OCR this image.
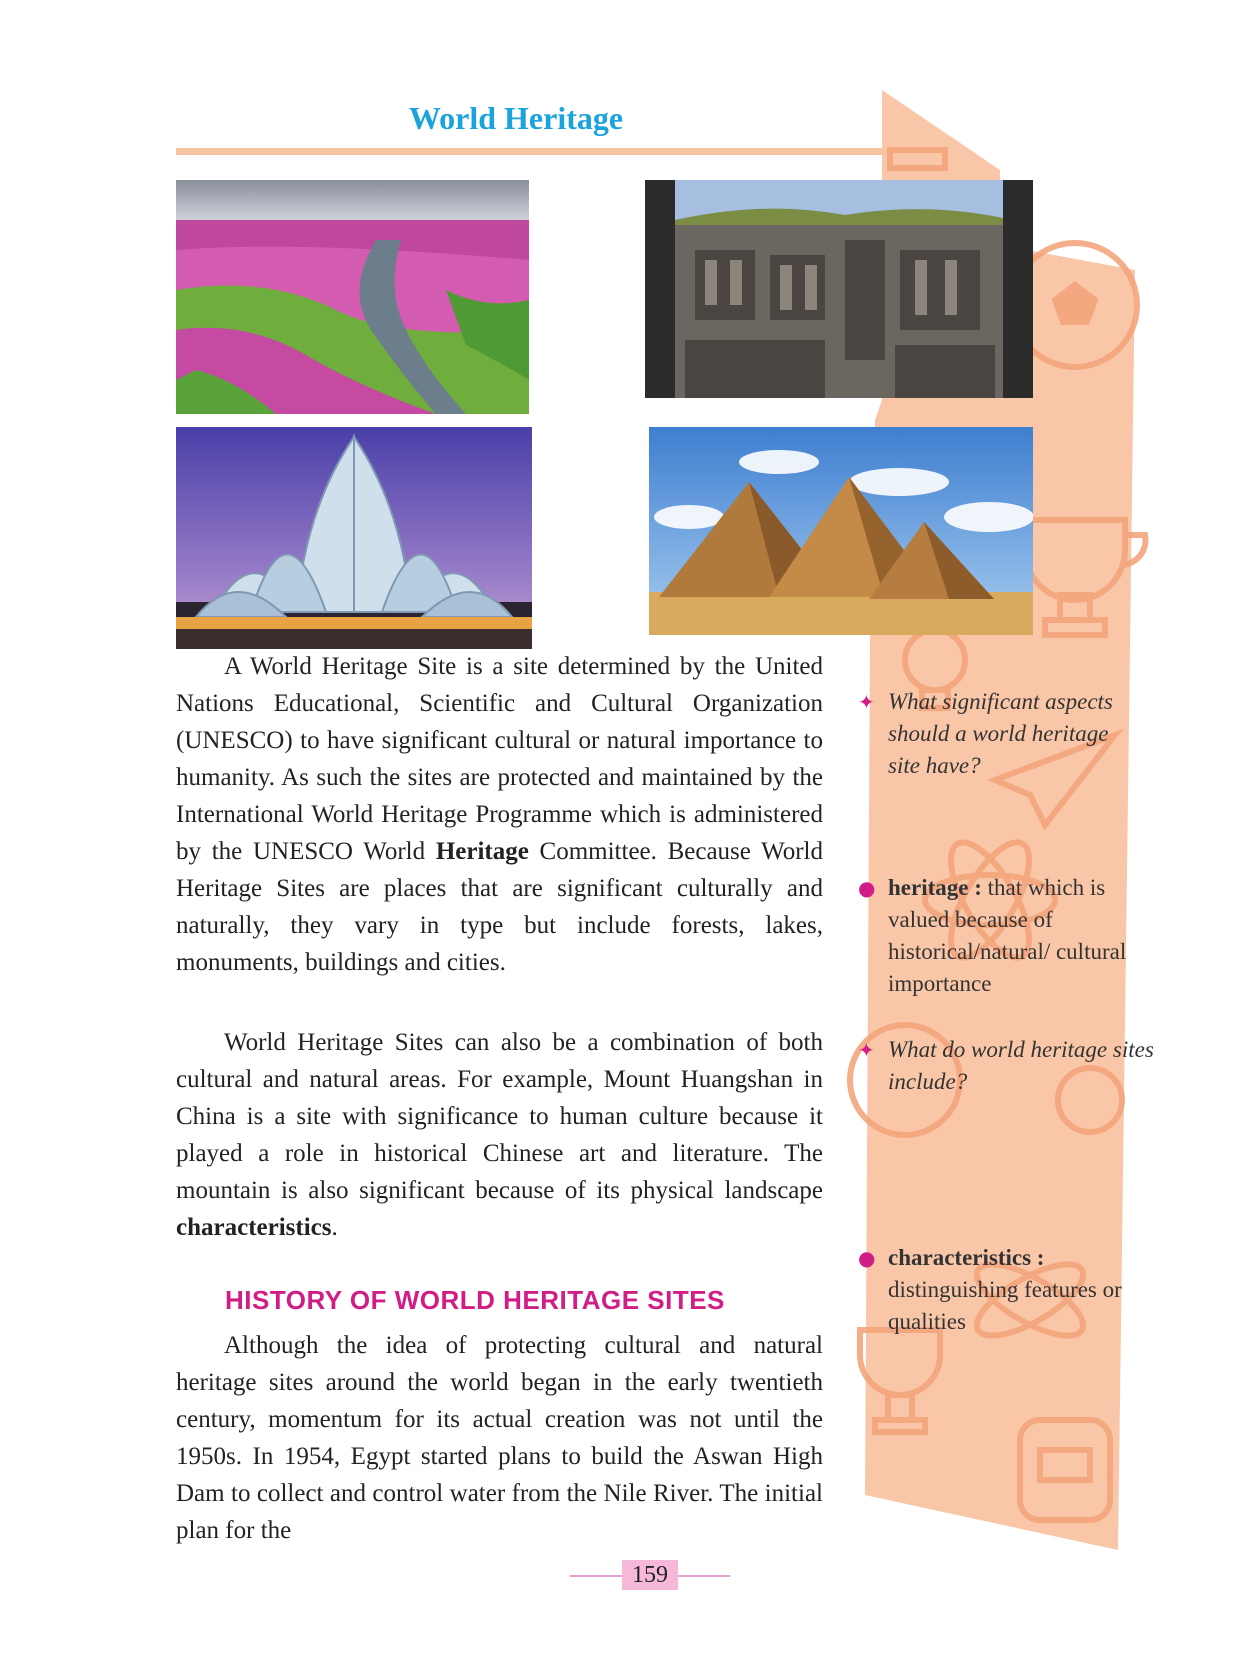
World Heritage

A World Heritage Site is a site determined by the United Nations Educational, Scientific and Cultural Organization (UNESCO) to have significant cultural or natural importance to humanity. As such the sites are protected and maintained by the International World Heritage Programme which is administered by the UNESCO World Heritage Committee. Because World Heritage Sites are places that are significant culturally and naturally, they vary in type but include forests, lakes, monuments, buildings and cities.

World Heritage Sites can also be a combination of both cultural and natural areas. For example, Mount Huangshan in China is a site with significance to human culture because it played a role in historical Chinese art and literature. The mountain is also significant because of its physical landscape characteristics.

HISTORY OF WORLD HERITAGE SITES

Although the idea of protecting cultural and natural heritage sites around the world began in the early twentieth century, momentum for its actual creation was not until the 1950s. In 1954, Egypt started plans to build the Aswan High Dam to collect and control water from the Nile River. The initial plan for the

✦ What significant aspects should a world heritage site have?
● heritage : that which is valued because of historical/natural/ cultural importance
✦ What do world heritage sites include?
● characteristics :
distinguishing features or qualities
159
